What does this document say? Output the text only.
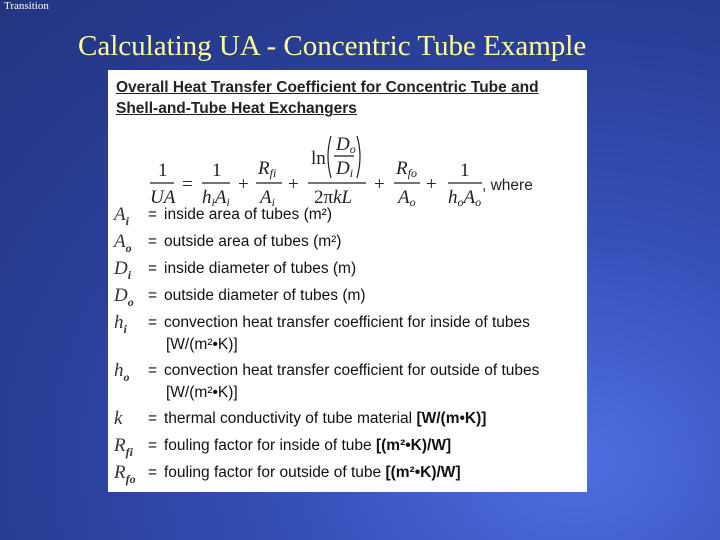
Transition
Calculating UA - Concentric Tube Example
Overall Heat Transfer Coefficient for Concentric Tube and
Shell-and-Tube Heat Exchangers
1
UA
=
1
hiAi
+
Rfi
Ai
+
ln
Do
Di
2πkL
+
Rfo
Ao
+
1
hoAo
, where
$A_i$ = inside area of tubes (m²)
$A_o$ = outside area of tubes (m²)
$D_i$ = inside diameter of tubes (m)
$D_o$ = outside diameter of tubes (m)
$h_i$ = convection heat transfer coefficient for inside of tubes
[W/(m²•K)]
$h_o$ = convection heat transfer coefficient for outside of tubes
[W/(m²•K)]
k = thermal conductivity of tube material [W/(m•K)]
$R_{fi}$ = fouling factor for inside of tube [(m²•K)/W]
$R_{fo}$ = fouling factor for outside of tube [(m²•K)/W]
